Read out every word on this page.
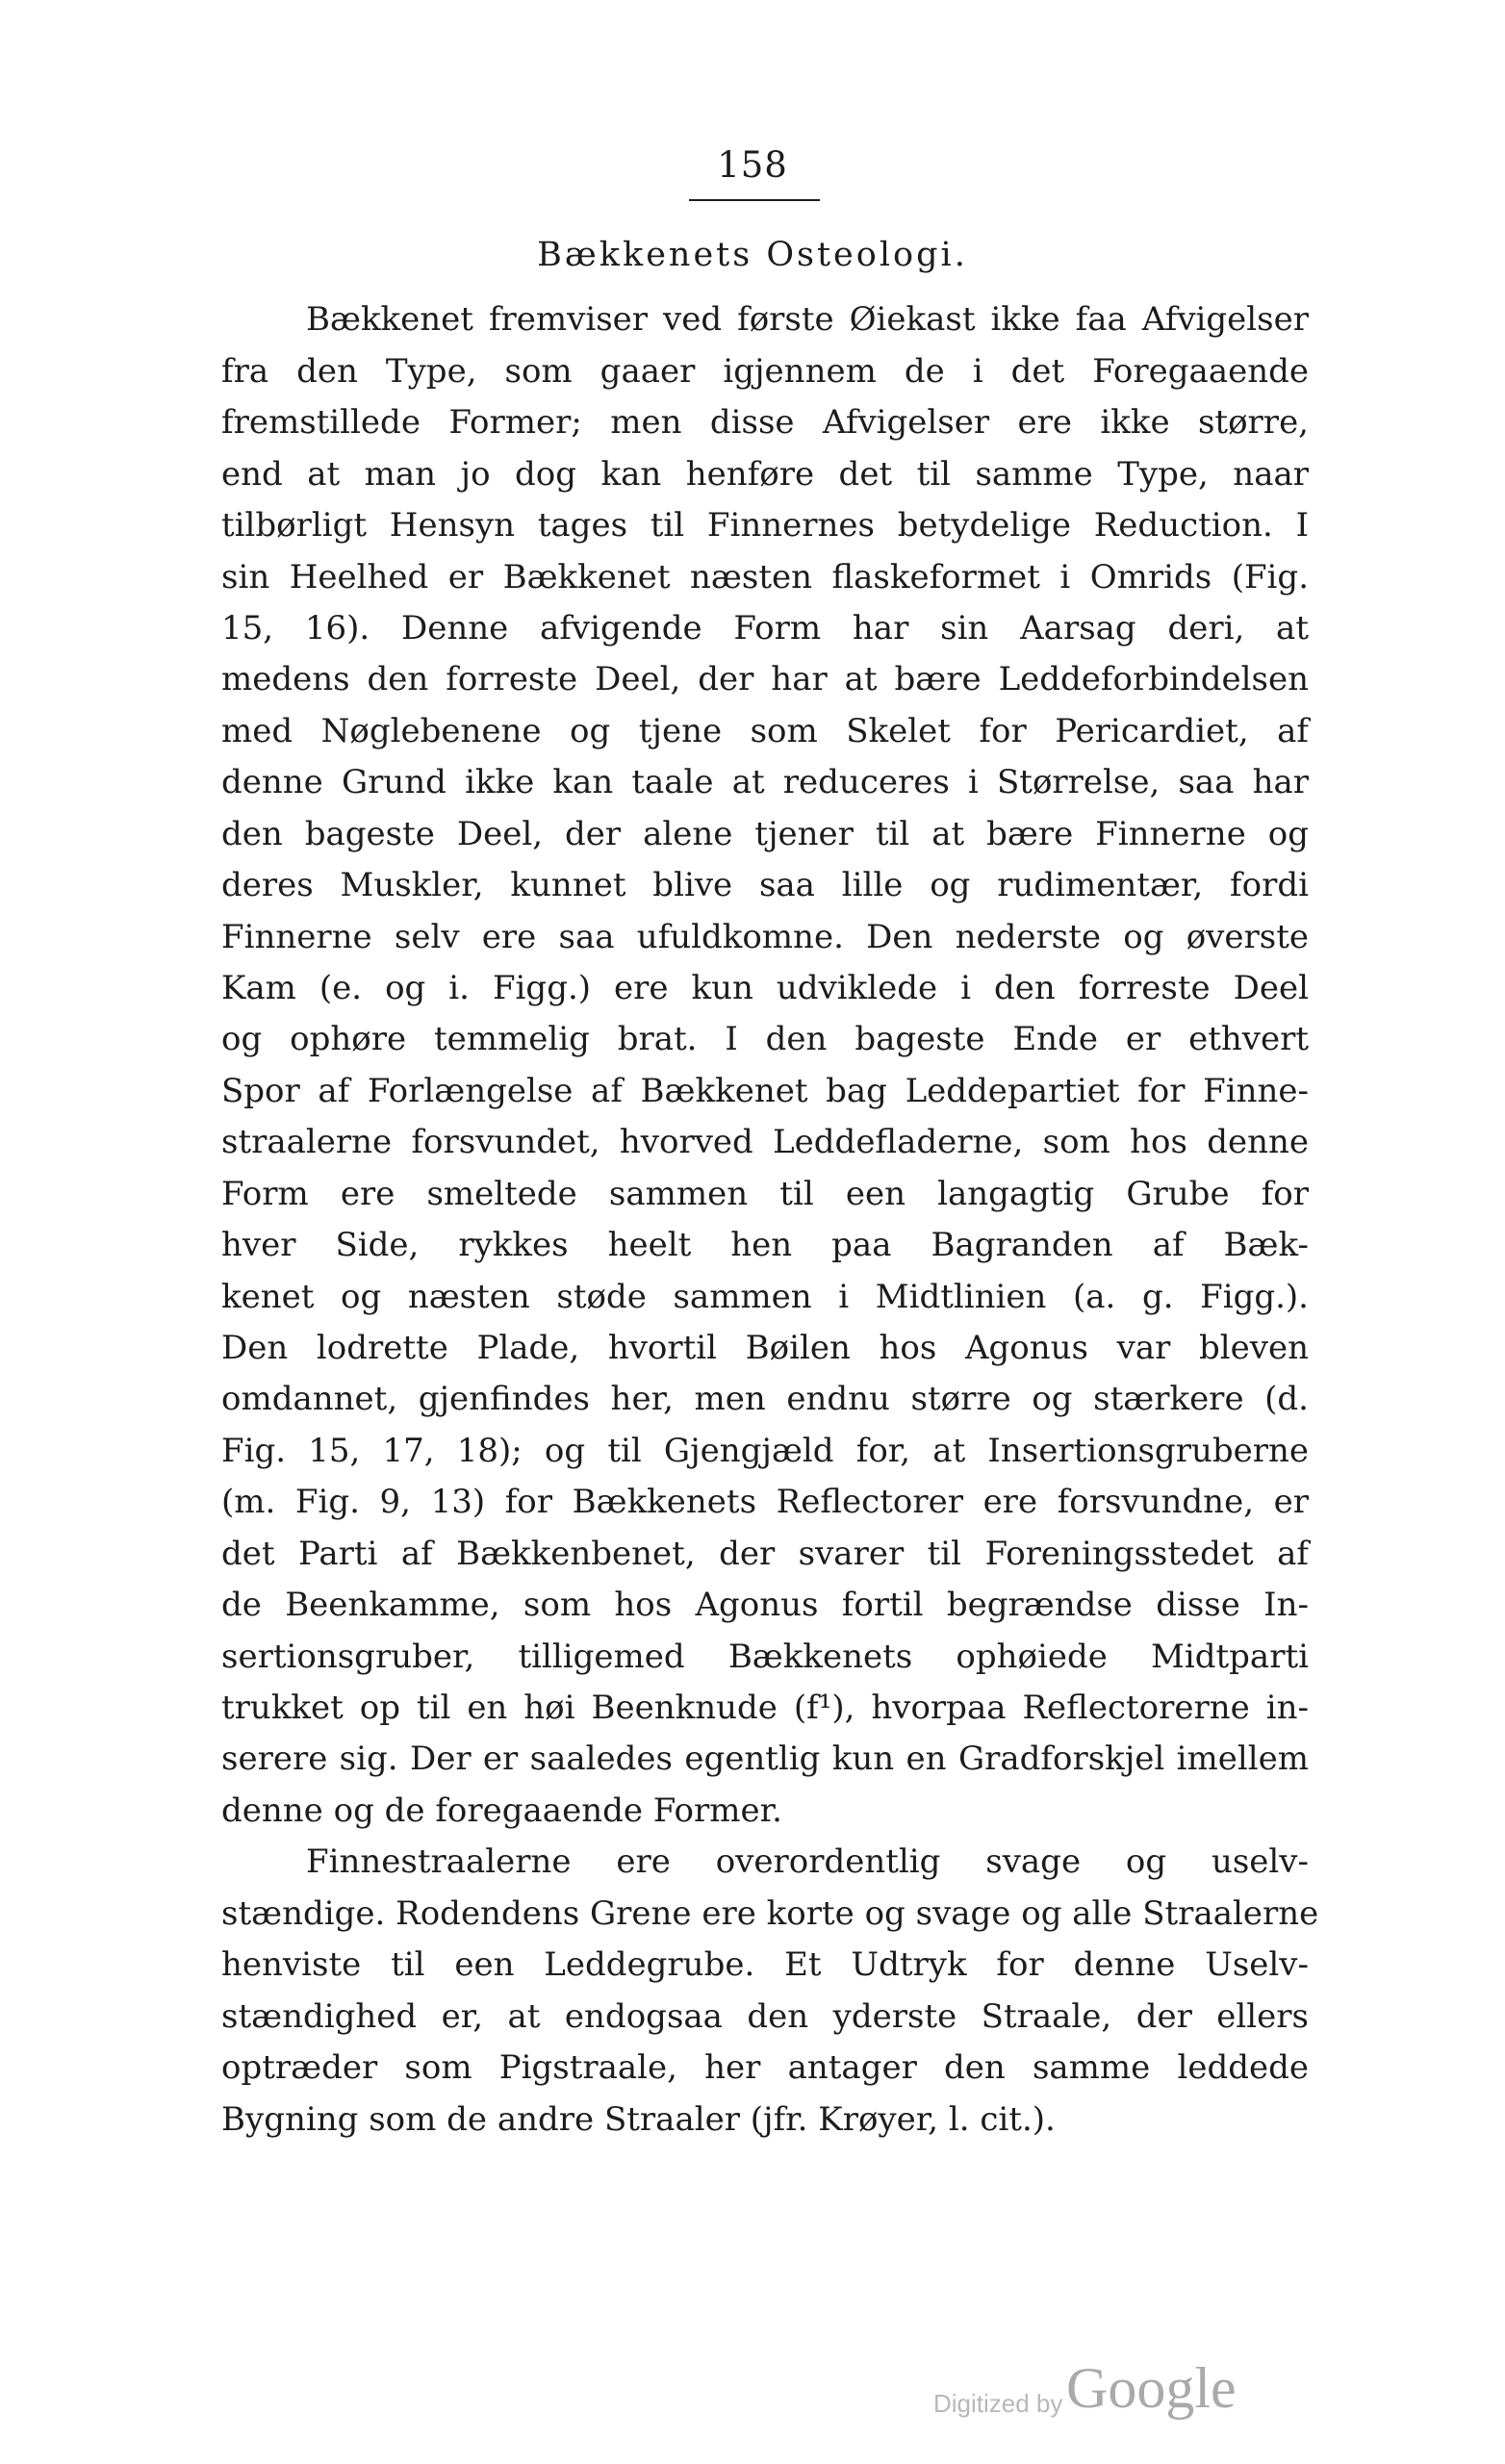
158
Bækkenets Osteologi.
Bækkenet fremviser ved første Øiekast ikke faa Afvigelser
fra den Type, som gaaer igjennem de i det Foregaaende
fremstillede Former; men disse Afvigelser ere ikke større,
end at man jo dog kan henføre det til samme Type, naar
tilbørligt Hensyn tages til Finnernes betydelige Reduction. I
sin Heelhed er Bækkenet næsten flaskeformet i Omrids (Fig.
15, 16). Denne afvigende Form har sin Aarsag deri, at
medens den forreste Deel, der har at bære Leddeforbindelsen
med Nøglebenene og tjene som Skelet for Pericardiet, af
denne Grund ikke kan taale at reduceres i Størrelse, saa har
den bageste Deel, der alene tjener til at bære Finnerne og
deres Muskler, kunnet blive saa lille og rudimentær, fordi
Finnerne selv ere saa ufuldkomne. Den nederste og øverste
Kam (e. og i. Figg.) ere kun udviklede i den forreste Deel
og ophøre temmelig brat. I den bageste Ende er ethvert
Spor af Forlængelse af Bækkenet bag Leddepartiet for Finne-
straalerne forsvundet, hvorved Leddefladerne, som hos denne
Form ere smeltede sammen til een langagtig Grube for
hver Side, rykkes heelt hen paa Bagranden af Bæk-
kenet og næsten støde sammen i Midtlinien (a. g. Figg.).
Den lodrette Plade, hvortil Bøilen hos Agonus var bleven
omdannet, gjenfindes her, men endnu større og stærkere (d.
Fig. 15, 17, 18); og til Gjengjæld for, at Insertionsgruberne
(m. Fig. 9, 13) for Bækkenets Reflectorer ere forsvundne, er
det Parti af Bækkenbenet, der svarer til Foreningsstedet af
de Beenkamme, som hos Agonus fortil begrændse disse In-
sertionsgruber, tilligemed Bækkenets ophøiede Midtparti
trukket op til en høi Beenknude (f¹), hvorpaa Reflectorerne in-
serere sig. Der er saaledes egentlig kun en Gradforskjel imellem
denne og de foregaaende Former.
Finnestraalerne ere overordentlig svage og uselv-
stændige. Rodendens Grene ere korte og svage og alle Straalerne
henviste til een Leddegrube. Et Udtryk for denne Uselv-
stændighed er, at endogsaa den yderste Straale, der ellers
optræder som Pigstraale, her antager den samme leddede
Bygning som de andre Straaler (jfr. Krøyer, l. cit.).
Digitized by Google
